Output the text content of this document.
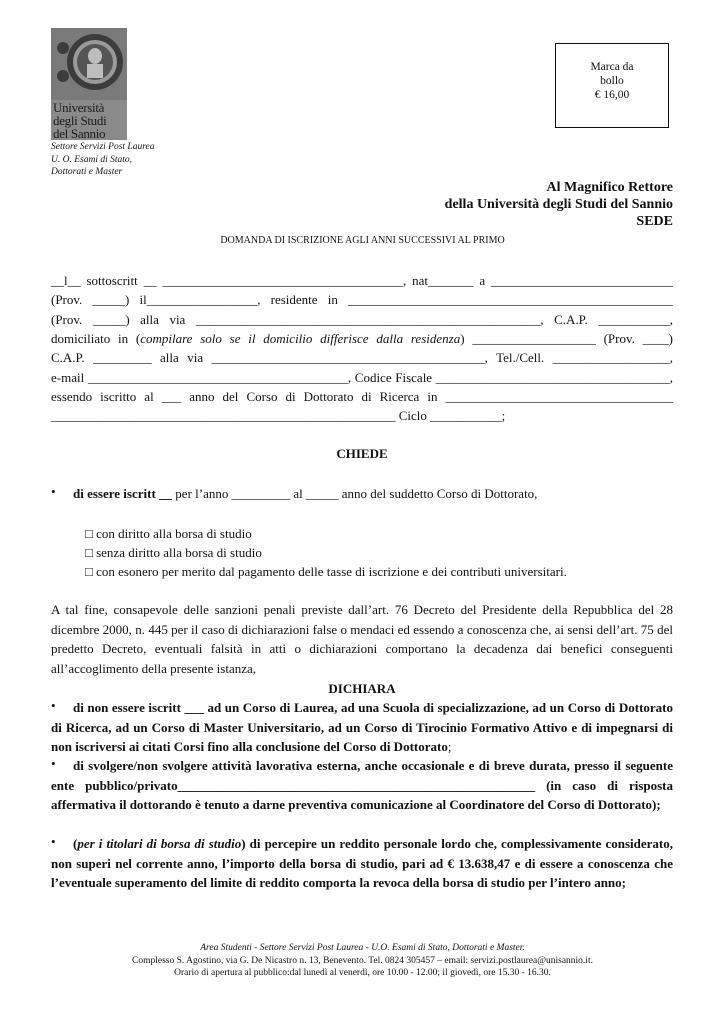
Università
degli Studi
del Sannio
Settore Servizi Post Laurea
U. O. Esami di Stato,
Dottorati e Master
Marca da
bollo
€ 16,00
Al Magnifico Rettore
della Università degli Studi del Sannio
SEDE
DOMANDA DI ISCRIZIONE AGLI ANNI SUCCESSIVI AL PRIMO
__l__ sottoscritt __ _____________________________________, nat_______ a ____________________________
(Prov. _____) il_________________, residente in __________________________________________________
(Prov. _____) alla via _____________________________________________________, C.A.P. ___________,
domiciliato in (compilare solo se il domicilio differisce dalla residenza) ___________________ (Prov. ____)
C.A.P. _________ alla via __________________________________________, Tel./Cell. __________________,
e-mail ________________________________________, Codice Fiscale ____________________________________,
essendo iscritto al ___ anno del Corso di Dottorato di Ricerca in ___________________________________
_____________________________________________________ Ciclo ___________;
CHIEDE
• di essere iscritt __ per l’anno _________ al _____ anno del suddetto Corso di Dottorato,
□ con diritto alla borsa di studio
□ senza diritto alla borsa di studio
□ con esonero per merito dal pagamento delle tasse di iscrizione e dei contributi universitari.
A tal fine, consapevole delle sanzioni penali previste dall’art. 76 Decreto del Presidente della Repubblica del 28 dicembre 2000, n. 445 per il caso di dichiarazioni false o mendaci ed essendo a conoscenza che, ai sensi dell’art. 75 del predetto Decreto, eventuali falsità in atti o dichiarazioni comportano la decadenza dai benefici conseguenti all’accoglimento della presente istanza,
DICHIARA
•	di non essere iscritt ___ ad un Corso di Laurea, ad una Scuola di specializzazione, ad un Corso di Dottorato di Ricerca, ad un Corso di Master Universitario, ad un Corso di Tirocinio Formativo Attivo e di impegnarsi di non iscriversi ai citati Corsi fino alla conclusione del Corso di Dottorato;
•	di svolgere/non svolgere attività lavorativa esterna, anche occasionale e di breve durata, presso il seguente ente pubblico/privato_______________________________________________________ (in caso di risposta affermativa il dottorando è tenuto a darne preventiva comunicazione al Coordinatore del Corso di Dottorato);
•	(per i titolari di borsa di studio) di percepire un reddito personale lordo che, complessivamente considerato, non superi nel corrente anno, l’importo della borsa di studio, pari ad € 13.638,47 e di essere a conoscenza che l’eventuale superamento del limite di reddito comporta la revoca della borsa di studio per l’intero anno;
Area Studenti - Settore Servizi Post Laurea - U.O. Esami di Stato, Dottorati e Master.
Complesso S. Agostino, via G. De Nicastro n. 13, Benevento. Tel. 0824 305457 – email: servizi.postlaurea@unisannio.it.
Orario di apertura al pubblico:dal lunedì al venerdì, ore 10.00 - 12.00; il giovedì, ore 15.30 - 16.30.
